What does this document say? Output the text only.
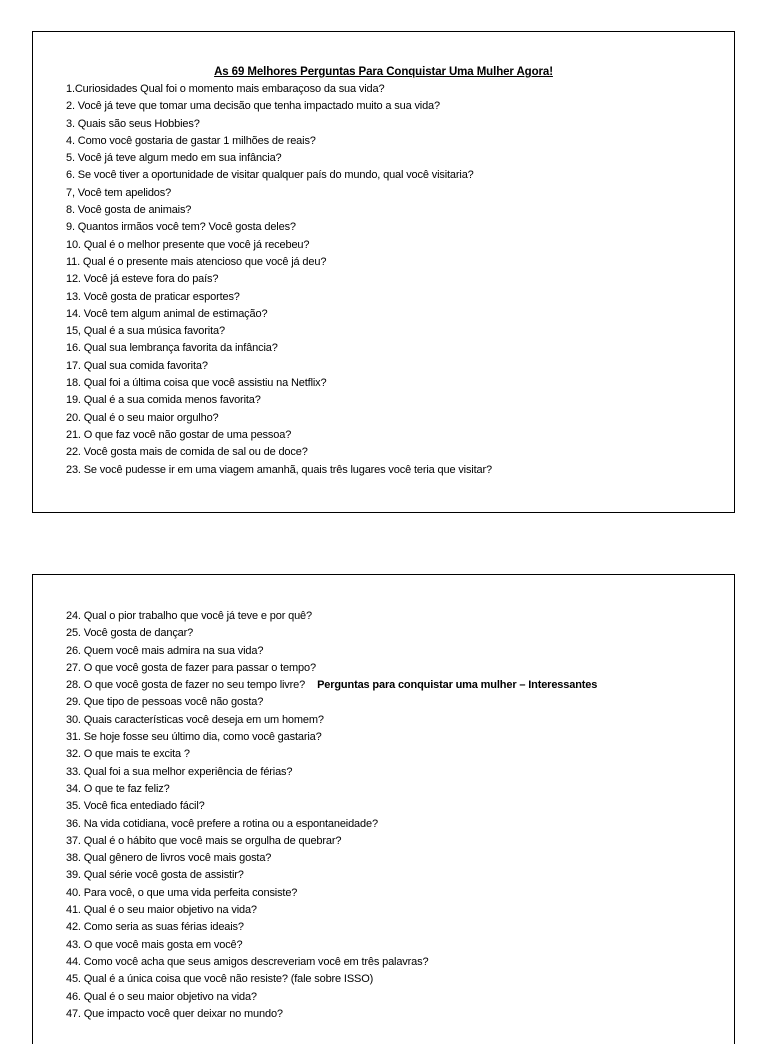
As 69 Melhores Perguntas Para Conquistar Uma Mulher Agora!
1.Curiosidades Qual foi o momento mais embaraçoso da sua vida?
2. Você já teve que tomar uma decisão que tenha impactado muito a sua vida?
3. Quais são seus Hobbies?
4. Como você gostaria de gastar 1 milhões de reais?
5. Você já teve algum medo em sua infância?
6. Se você tiver a oportunidade de visitar qualquer país do mundo, qual você visitaria?
7, Você tem apelidos?
8. Você gosta de animais?
9. Quantos irmãos você tem? Você gosta deles?
10. Qual é o melhor presente que você já recebeu?
11. Qual é o presente mais atencioso que você já deu?
12. Você já esteve fora do país?
13. Você gosta de praticar esportes?
14. Você tem algum animal de estimação?
15, Qual é a sua música favorita?
16. Qual sua lembrança favorita da infância?
17. Qual sua comida favorita?
18. Qual foi a última coisa que você assistiu na Netflix?
19. Qual é a sua comida menos favorita?
20. Qual é o seu maior orgulho?
21. O que faz você não gostar de uma pessoa?
22. Você gosta mais de comida de sal ou de doce?
23. Se você pudesse ir em uma viagem amanhã, quais três lugares você teria que visitar?
24. Qual o pior trabalho que você já teve e por quê?
25. Você gosta de dançar?
26. Quem você mais admira na sua vida?
27. O que você gosta de fazer para passar o tempo?
28. O que você gosta de fazer no seu tempo livre? Perguntas para conquistar uma mulher – Interessantes
29. Que tipo de pessoas você não gosta?
30. Quais características você deseja em um homem?
31. Se hoje fosse seu último dia, como você gastaria?
32. O que mais te excita ?
33. Qual foi a sua melhor experiência de férias?
34. O que te faz feliz?
35. Você fica entediado fácil?
36. Na vida cotidiana, você prefere a rotina ou a espontaneidade?
37. Qual é o hábito que você mais se orgulha de quebrar?
38. Qual gênero de livros você mais gosta?
39. Qual série você gosta de assistir?
40. Para você, o que uma vida perfeita consiste?
41. Qual é o seu maior objetivo na vida?
42. Como seria as suas férias ideais?
43. O que você mais gosta em você?
44. Como você acha que seus amigos descreveriam você em três palavras?
45. Qual é a única coisa que você não resiste? (fale sobre ISSO)
46. Qual é o seu maior objetivo na vida?
47. Que impacto você quer deixar no mundo?
